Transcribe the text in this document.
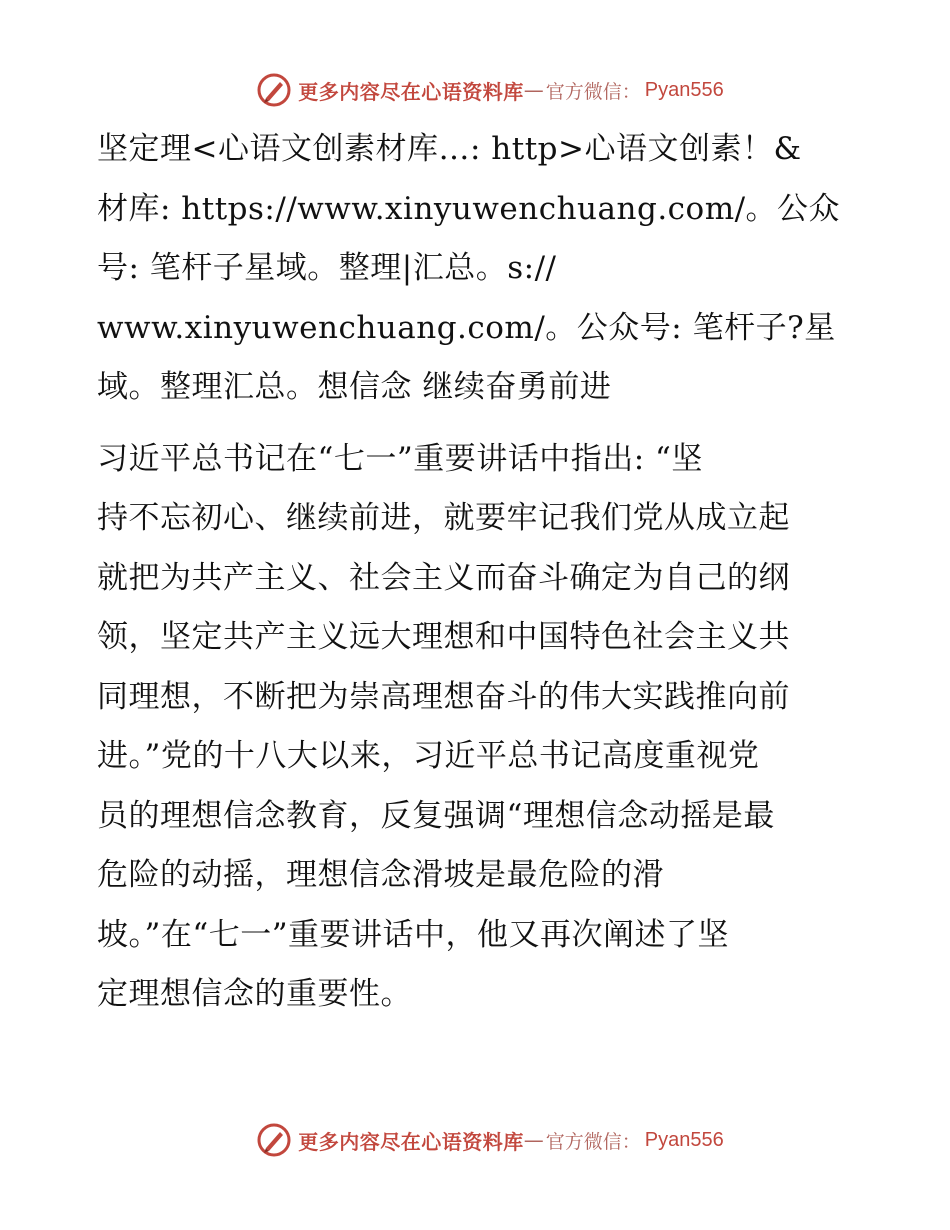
更多内容尽在心语资料库 — 官方微信： Pyan556

坚定理<心语文创素材库…: http>心语文创素！&
材库: https://www.xinyuwenchuang.com/。公众
号: 笔杆子星域。整理|汇总。s://
www.xinyuwenchuang.com/。公众号: 笔杆子?星
域。整理汇总。想信念 继续奋勇前进

习近平总书记在“七一”重要讲话中指出: “坚
持不忘初心、继续前进，就要牢记我们党从成立起
就把为共产主义、社会主义而奋斗确定为自己的纲
领，坚定共产主义远大理想和中国特色社会主义共
同理想，不断把为崇高理想奋斗的伟大实践推向前
进。”党的十八大以来，习近平总书记高度重视党
员的理想信念教育，反复强调“理想信念动摇是最
危险的动摇，理想信念滑坡是最危险的滑
坡。”在“七一”重要讲话中，他又再次阐述了坚
定理想信念的重要性。

更多内容尽在心语资料库 — 官方微信： Pyan556
